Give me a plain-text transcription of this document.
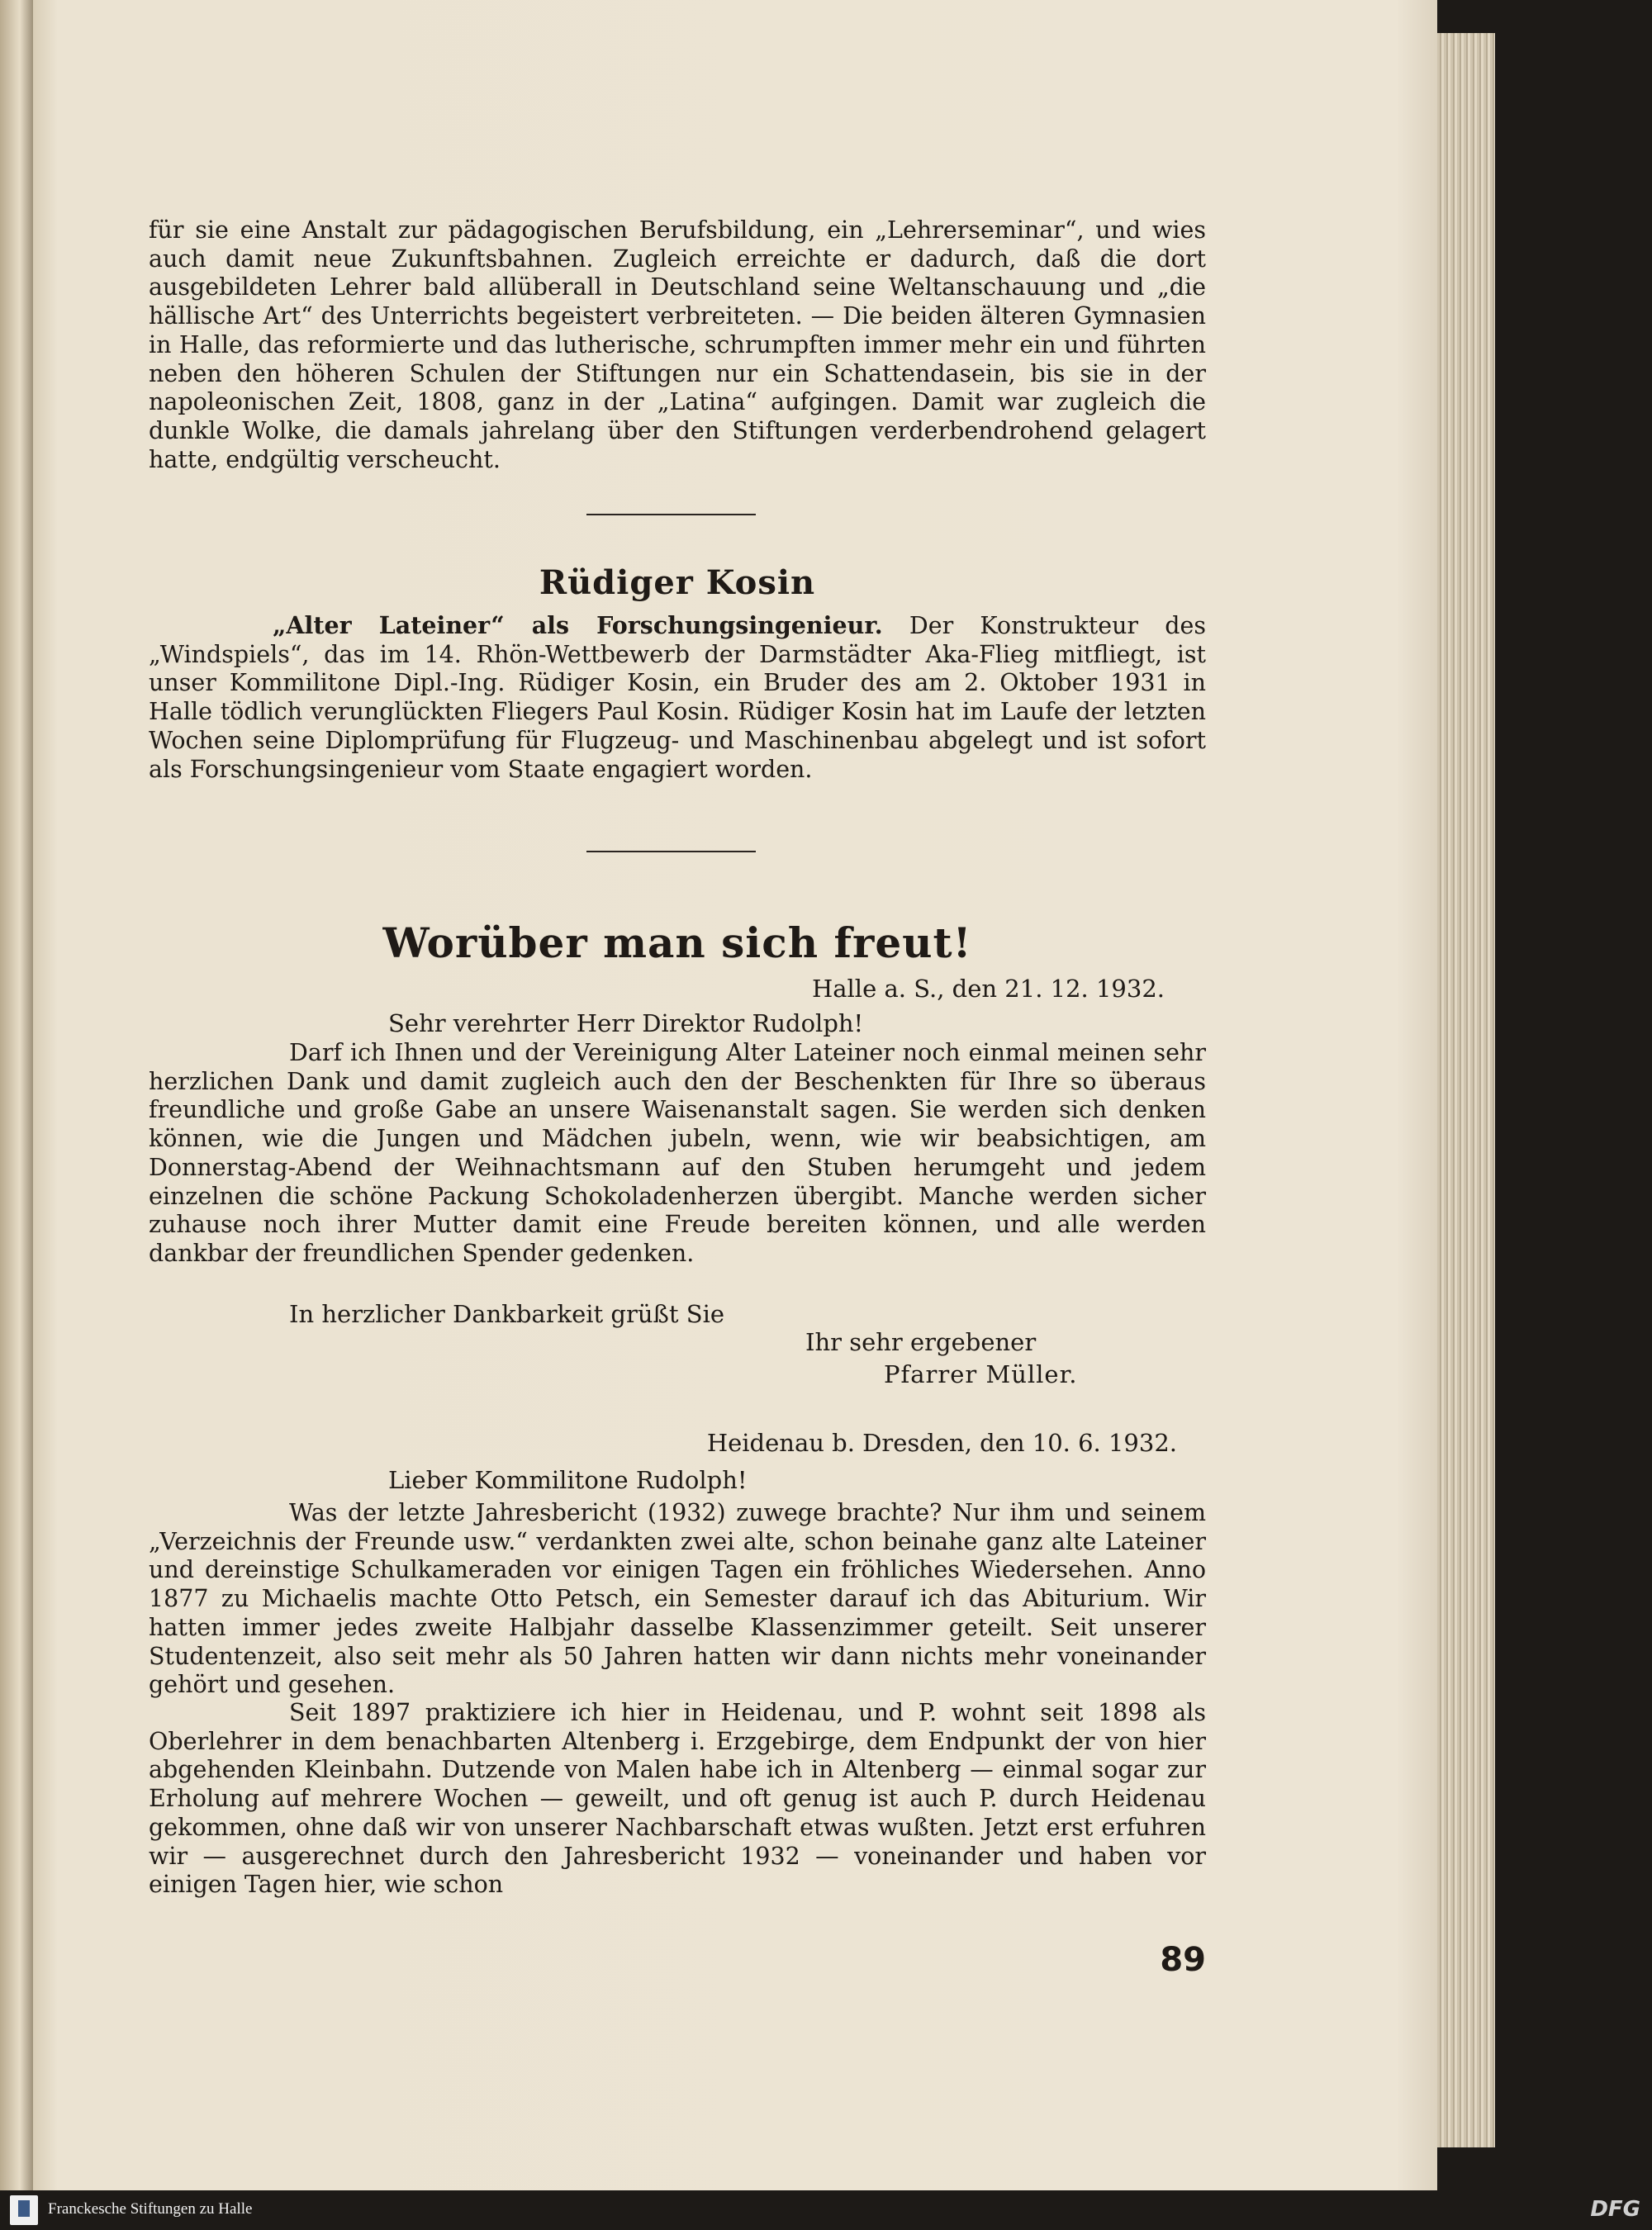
für sie eine Anstalt zur pädagogischen Berufsbildung, ein „Lehrerseminar“, und wies auch damit neue Zukunftsbahnen. Zugleich erreichte er dadurch, daß die dort ausgebildeten Lehrer bald allüberall in Deutschland seine Weltanschauung und „die hällische Art“ des Unterrichts begeistert verbreiteten. — Die beiden älteren Gymnasien in Halle, das reformierte und das lutherische, schrumpften immer mehr ein und führten neben den höheren Schulen der Stiftungen nur ein Schattendasein, bis sie in der napoleonischen Zeit, 1808, ganz in der „Latina“ aufgingen. Damit war zugleich die dunkle Wolke, die damals jahrelang über den Stiftungen verderbendrohend gelagert hatte, endgültig verscheucht.

Rüdiger Kosin

„Alter Lateiner“ als Forschungsingenieur. Der Konstrukteur des „Windspiels“, das im 14. Rhön-Wettbewerb der Darmstädter Aka-Flieg mitfliegt, ist unser Kommilitone Dipl.-Ing. Rüdiger Kosin, ein Bruder des am 2. Oktober 1931 in Halle tödlich verunglückten Fliegers Paul Kosin. Rüdiger Kosin hat im Laufe der letzten Wochen seine Diplomprüfung für Flugzeug- und Maschinenbau abgelegt und ist sofort als Forschungsingenieur vom Staate engagiert worden.

Worüber man sich freut!
Halle a. S., den 21. 12. 1932.
Sehr verehrter Herr Direktor Rudolph!

Darf ich Ihnen und der Vereinigung Alter Lateiner noch einmal meinen sehr herzlichen Dank und damit zugleich auch den der Beschenkten für Ihre so überaus freundliche und große Gabe an unsere Waisenanstalt sagen. Sie werden sich denken können, wie die Jungen und Mädchen jubeln, wenn, wie wir beabsichtigen, am Donnerstag-Abend der Weihnachtsmann auf den Stuben herumgeht und jedem einzelnen die schöne Packung Schokoladenherzen übergibt. Manche werden sicher zuhause noch ihrer Mutter damit eine Freude bereiten können, und alle werden dankbar der freundlichen Spender gedenken.

In herzlicher Dankbarkeit grüßt Sie
Ihr sehr ergebener
Pfarrer Müller.
Heidenau b. Dresden, den 10. 6. 1932.
Lieber Kommilitone Rudolph!

Was der letzte Jahresbericht (1932) zuwege brachte? Nur ihm und seinem „Verzeichnis der Freunde usw.“ verdankten zwei alte, schon beinahe ganz alte Lateiner und dereinstige Schulkameraden vor einigen Tagen ein fröhliches Wiedersehen. Anno 1877 zu Michaelis machte Otto Petsch, ein Semester darauf ich das Abiturium. Wir hatten immer jedes zweite Halbjahr dasselbe Klassenzimmer geteilt. Seit unserer Studentenzeit, also seit mehr als 50 Jahren hatten wir dann nichts mehr voneinander gehört und gesehen.

Seit 1897 praktiziere ich hier in Heidenau, und P. wohnt seit 1898 als Oberlehrer in dem benachbarten Altenberg i. Erzgebirge, dem Endpunkt der von hier abgehenden Kleinbahn. Dutzende von Malen habe ich in Altenberg — einmal sogar zur Erholung auf mehrere Wochen — geweilt, und oft genug ist auch P. durch Heidenau gekommen, ohne daß wir von unserer Nachbarschaft etwas wußten. Jetzt erst erfuhren wir — ausgerechnet durch den Jahresbericht 1932 — voneinander und haben vor einigen Tagen hier, wie schon

89
Franckesche Stiftungen zu Halle	DFG
